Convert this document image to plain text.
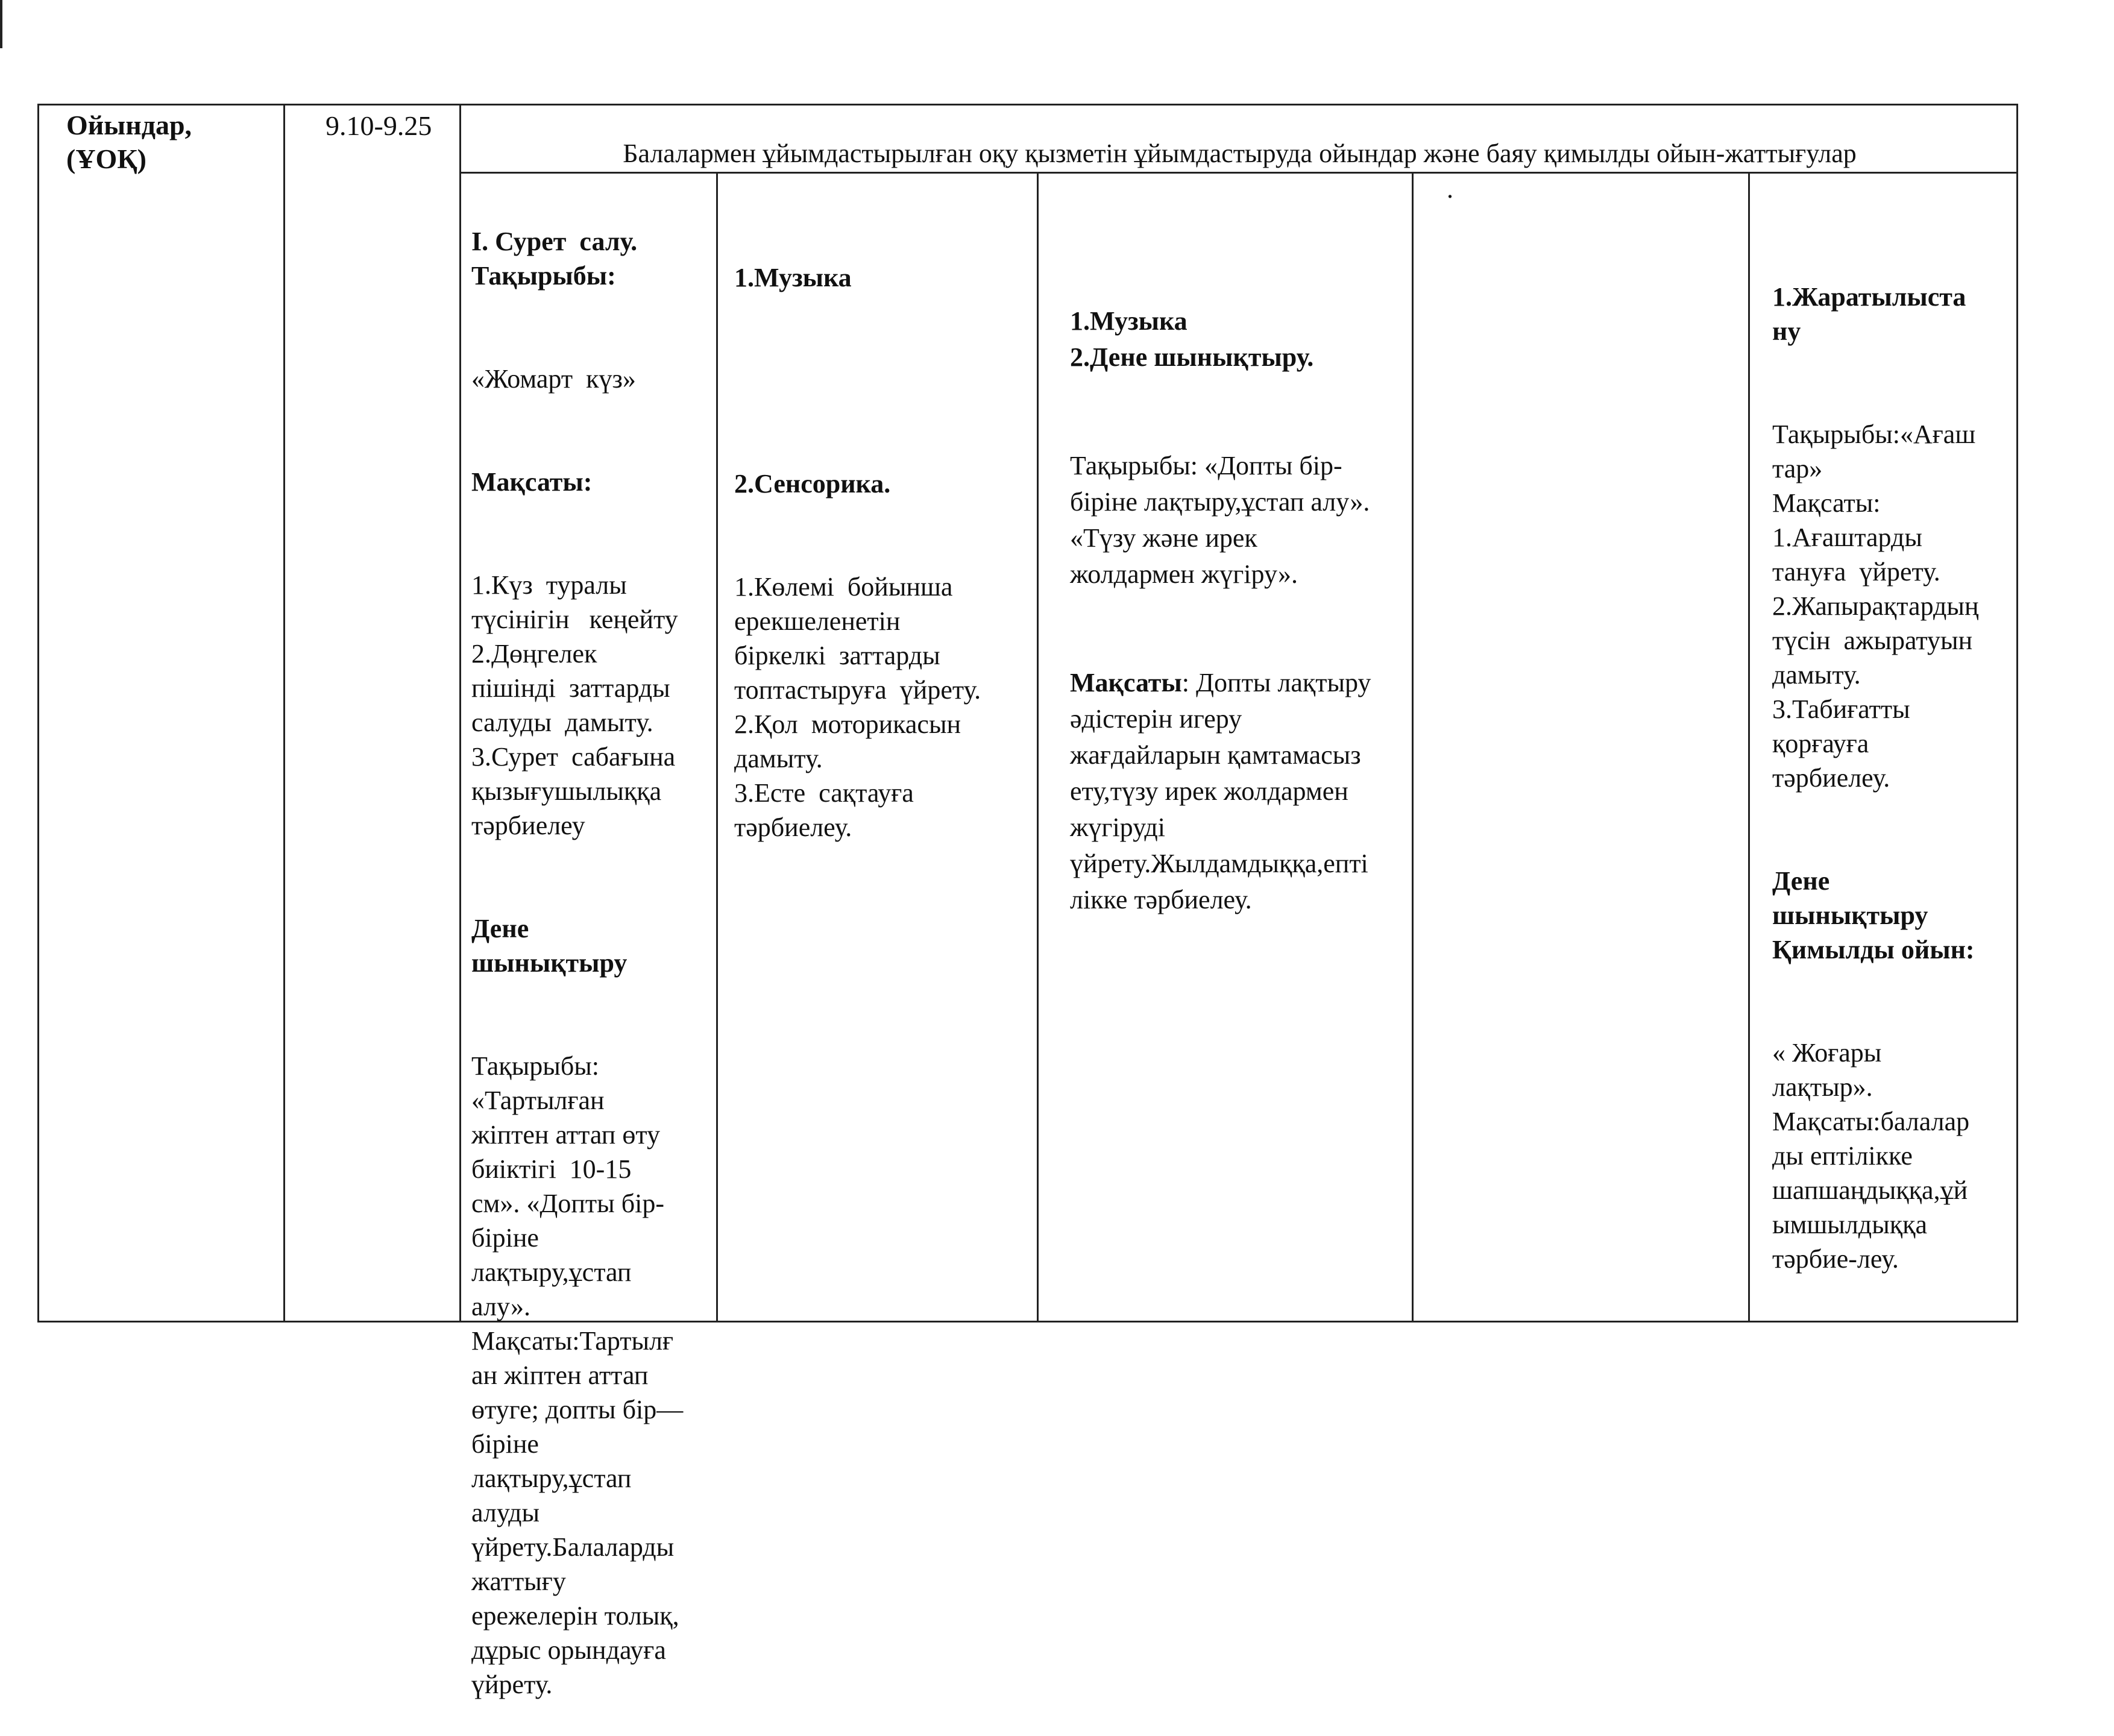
Ойындар,
(ҰОҚ)
9.10-9.25
Балалармен ұйымдастырылған оқу қызметін ұйымдастыруда ойындар және баяу қимылды ойын-жаттығулар

І. Сурет  салу.
Тақырыбы:

«Жомарт  күз»

Мақсаты:

1.Күз  туралы
түсінігін   кеңейту
2.Дөңгелек
пішінді  заттарды
салуды  дамыту.
3.Сурет  сабағына
қызығушылыққа
тәрбиелеу

Дене
шынықтыру

Тақырыбы:
«Тартылған
жіптен аттап өту
биіктігі  10-15
см». «Допты бір-
біріне
лақтыру,ұстап
алу».
Мақсаты:Тартылғ
ан жіптен аттап
өтуге; допты бір—
біріне
лақтыру,ұстап
алуды
үйрету.Балаларды
жаттығу
ережелерін толық,
дұрыс орындауға
үйрету.

1.Музыка

2.Сенсорика.

1.Көлемі  бойынша
ерекшеленетін
біркелкі  заттарды
топтастыруға  үйрету.
2.Қол  моторикасын
дамыту.
3.Есте  сақтауға
тәрбиелеу.

1.Музыка
2.Дене шынықтыру.

Тақырыбы: «Допты бір-
біріне лақтыру,ұстап алу».
«Түзу және ирек
жолдармен жүгіру».

Мақсаты: Допты лақтыру
әдістерін игеру
жағдайларын қамтамасыз
ету,түзу ирек жолдармен
жүгіруді
үйрету.Жылдамдыққа,епті
лікке тәрбиелеу.

.

1.Жаратылыста
ну

Тақырыбы:«Ағаш
тар»
Мақсаты:
1.Ағаштарды
тануға  үйрету.
2.Жапырақтардың
түсін  ажыратуын
дамыту.
3.Табиғатты
қорғауға
тәрбиелеу.

Дене
шынықтыру
Қимылды ойын:

« Жоғары
лақтыр».
Мақсаты:балалар
ды ептілікке
шапшаңдыққа,ұй
ымшылдыққа
тәрбие-леу.
